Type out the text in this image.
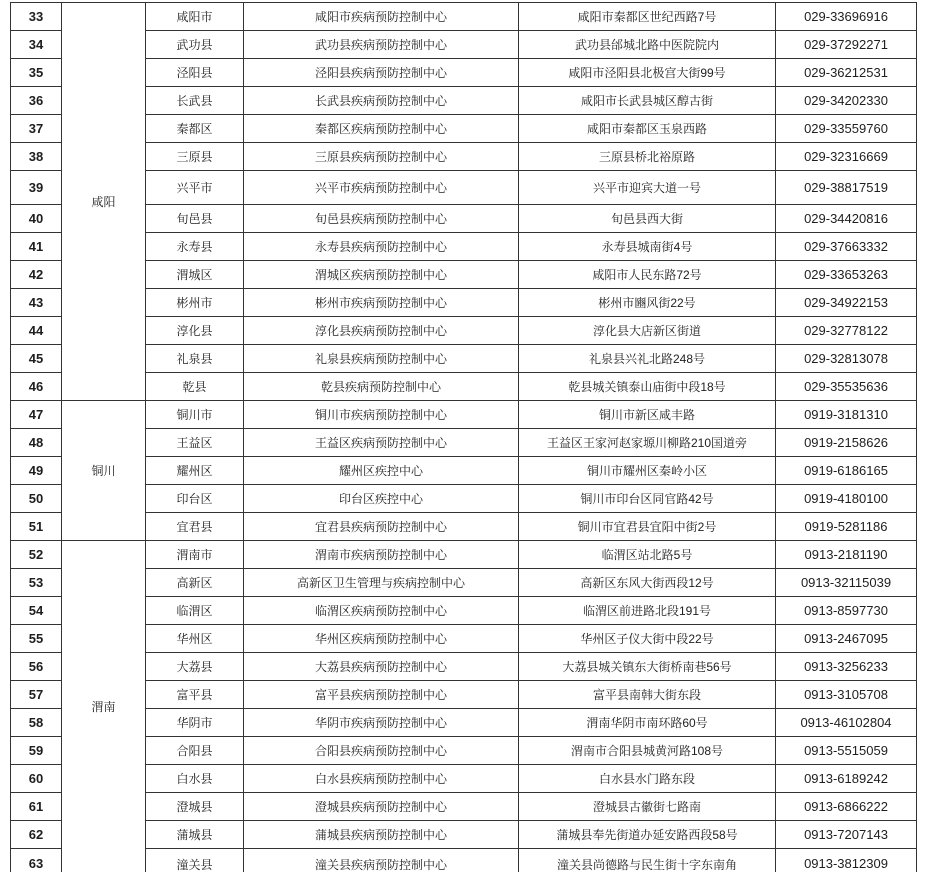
咸阳
33	咸阳市	咸阳市疾病预防控制中心	咸阳市秦都区世纪西路7号	029-33696916
34	武功县	武功县疾病预防控制中心	武功县邰城北路中医院院内	029-37292271
35	泾阳县	泾阳县疾病预防控制中心	咸阳市泾阳县北极宫大街99号	029-36212531
36	长武县	长武县疾病预防控制中心	咸阳市长武县城区醇古街	029-34202330
37	秦都区	秦都区疾病预防控制中心	咸阳市秦都区玉泉西路	029-33559760
38	三原县	三原县疾病预防控制中心	三原县桥北裕原路	029-32316669
39	兴平市	兴平市疾病预防控制中心	兴平市迎宾大道一号	029-38817519
40	旬邑县	旬邑县疾病预防控制中心	旬邑县西大街	029-34420816
41	永寿县	永寿县疾病预防控制中心	永寿县城南街4号	029-37663332
42	渭城区	渭城区疾病预防控制中心	咸阳市人民东路72号	029-33653263
43	彬州市	彬州市疾病预防控制中心	彬州市豳风街22号	029-34922153
44	淳化县	淳化县疾病预防控制中心	淳化县大店新区街道	029-32778122
45	礼泉县	礼泉县疾病预防控制中心	礼泉县兴礼北路248号	029-32813078
46	乾县	乾县疾病预防控制中心	乾县城关镇泰山庙街中段18号	029-35535636
铜川
47	铜川市	铜川市疾病预防控制中心	铜川市新区咸丰路	0919-3181310
48	王益区	王益区疾病预防控制中心	王益区王家河赵家塬川柳路210国道旁	0919-2158626
49	耀州区	耀州区疾控中心	铜川市耀州区秦岭小区	0919-6186165
50	印台区	印台区疾控中心	铜川市印台区同官路42号	0919-4180100
51	宜君县	宜君县疾病预防控制中心	铜川市宜君县宜阳中街2号	0919-5281186
渭南
52	渭南市	渭南市疾病预防控制中心	临渭区站北路5号	0913-2181190
53	高新区	高新区卫生管理与疾病控制中心	高新区东风大街西段12号	0913-32115039
54	临渭区	临渭区疾病预防控制中心	临渭区前进路北段191号	0913-8597730
55	华州区	华州区疾病预防控制中心	华州区子仪大街中段22号	0913-2467095
56	大荔县	大荔县疾病预防控制中心	大荔县城关镇东大街桥南巷56号	0913-3256233
57	富平县	富平县疾病预防控制中心	富平县南韩大街东段	0913-3105708
58	华阴市	华阴市疾病预防控制中心	渭南华阴市南环路60号	0913-46102804
59	合阳县	合阳县疾病预防控制中心	渭南市合阳县城黄河路108号	0913-5515059
60	白水县	白水县疾病预防控制中心	白水县水门路东段	0913-6189242
61	澄城县	澄城县疾病预防控制中心	澄城县古徽街七路南	0913-6866222
62	蒲城县	蒲城县疾病预防控制中心	蒲城县奉先街道办延安路西段58号	0913-7207143
63	潼关县	潼关县疾病预防控制中心	潼关县尚德路与民生街十字东南角	0913-3812309
